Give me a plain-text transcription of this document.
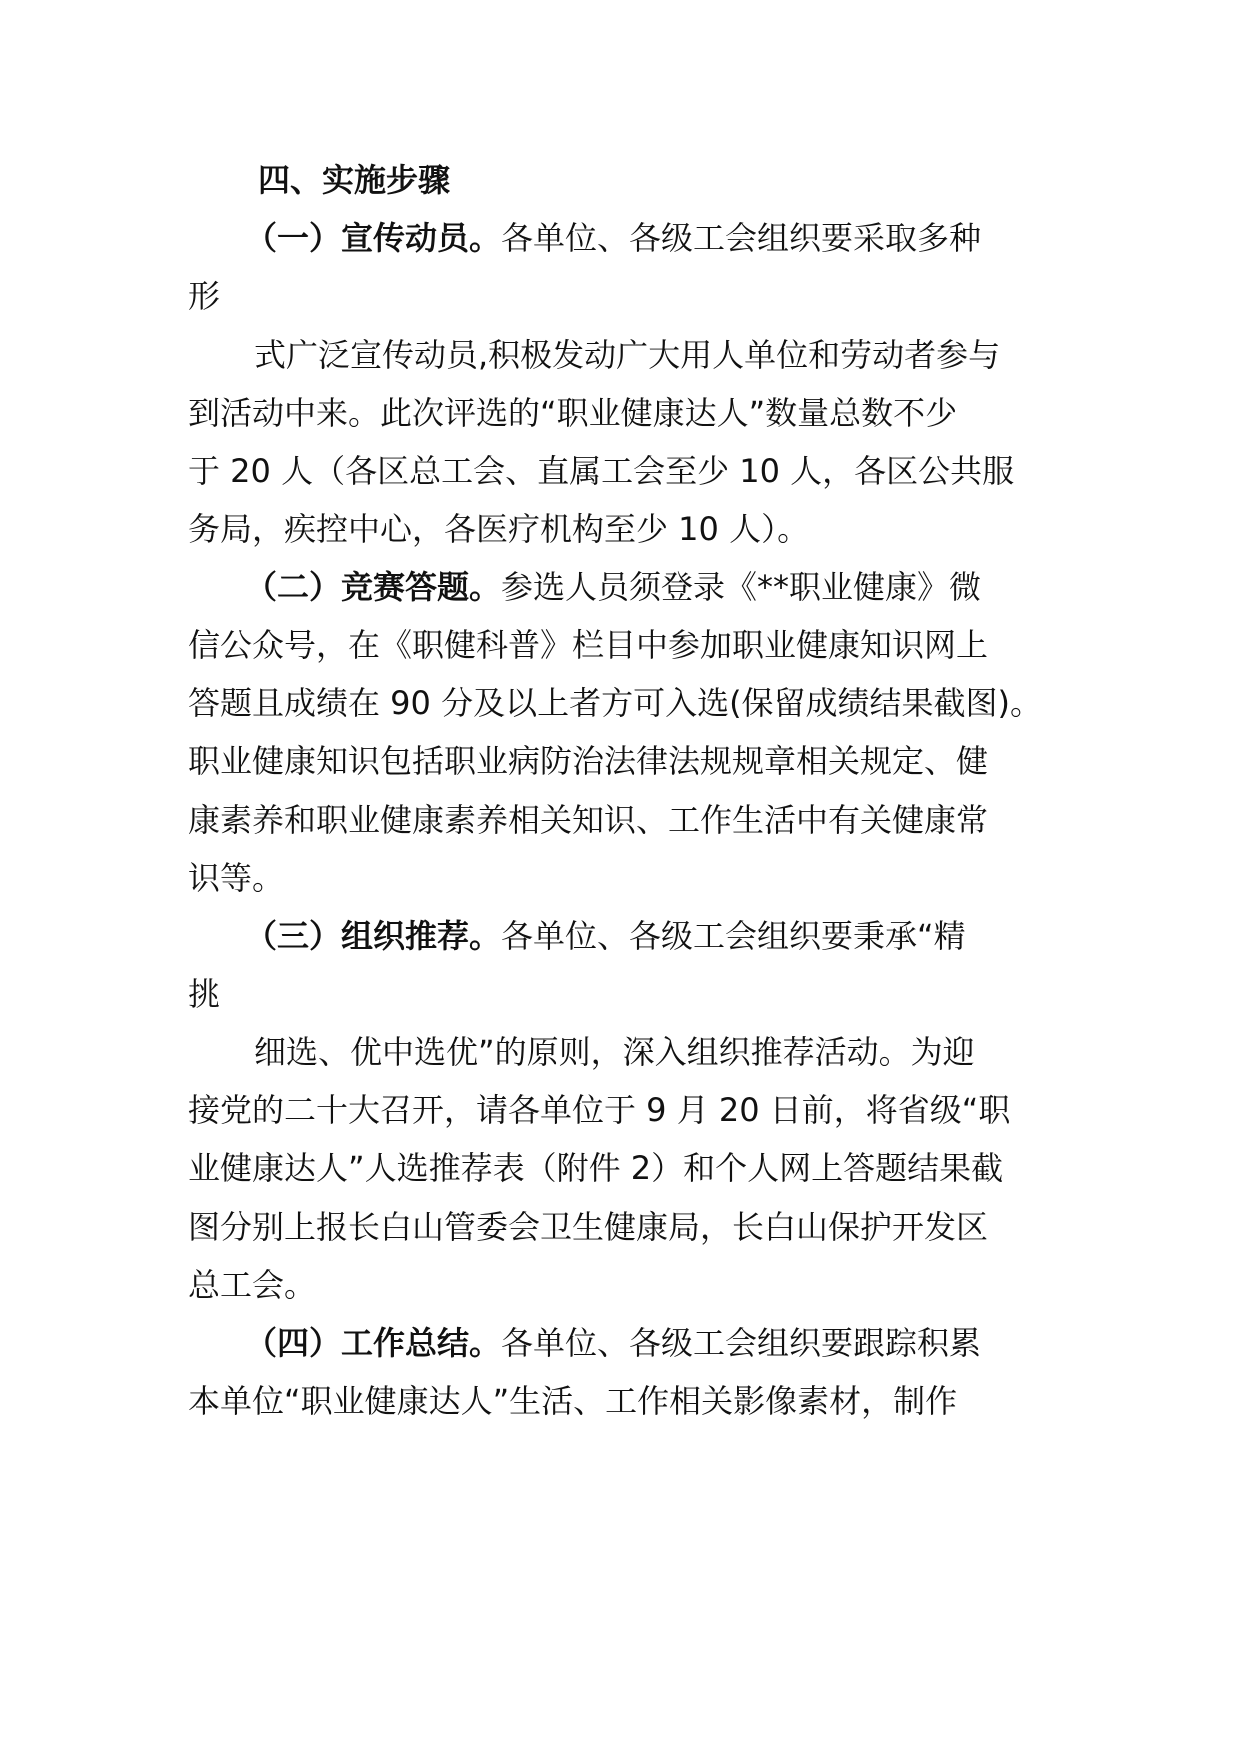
四、实施步骤
（一）宣传动员。各单位、各级工会组织要采取多种
形
式广泛宣传动员,积极发动广大用人单位和劳动者参与
到活动中来。此次评选的“职业健康达人”数量总数不少
于 20 人（各区总工会、直属工会至少 10 人，各区公共服
务局，疾控中心，各医疗机构至少 10 人）。
（二）竞赛答题。参选人员须登录《**职业健康》微
信公众号，在《职健科普》栏目中参加职业健康知识网上
答题且成绩在 90 分及以上者方可入选(保留成绩结果截图)。
职业健康知识包括职业病防治法律法规规章相关规定、健
康素养和职业健康素养相关知识、工作生活中有关健康常
识等。
（三）组织推荐。各单位、各级工会组织要秉承“精
挑
细选、优中选优”的原则，深入组织推荐活动。为迎
接党的二十大召开，请各单位于 9 月 20 日前，将省级“职
业健康达人”人选推荐表（附件 2）和个人网上答题结果截
图分别上报长白山管委会卫生健康局，长白山保护开发区
总工会。
（四）工作总结。各单位、各级工会组织要跟踪积累
本单位“职业健康达人”生活、工作相关影像素材，制作
